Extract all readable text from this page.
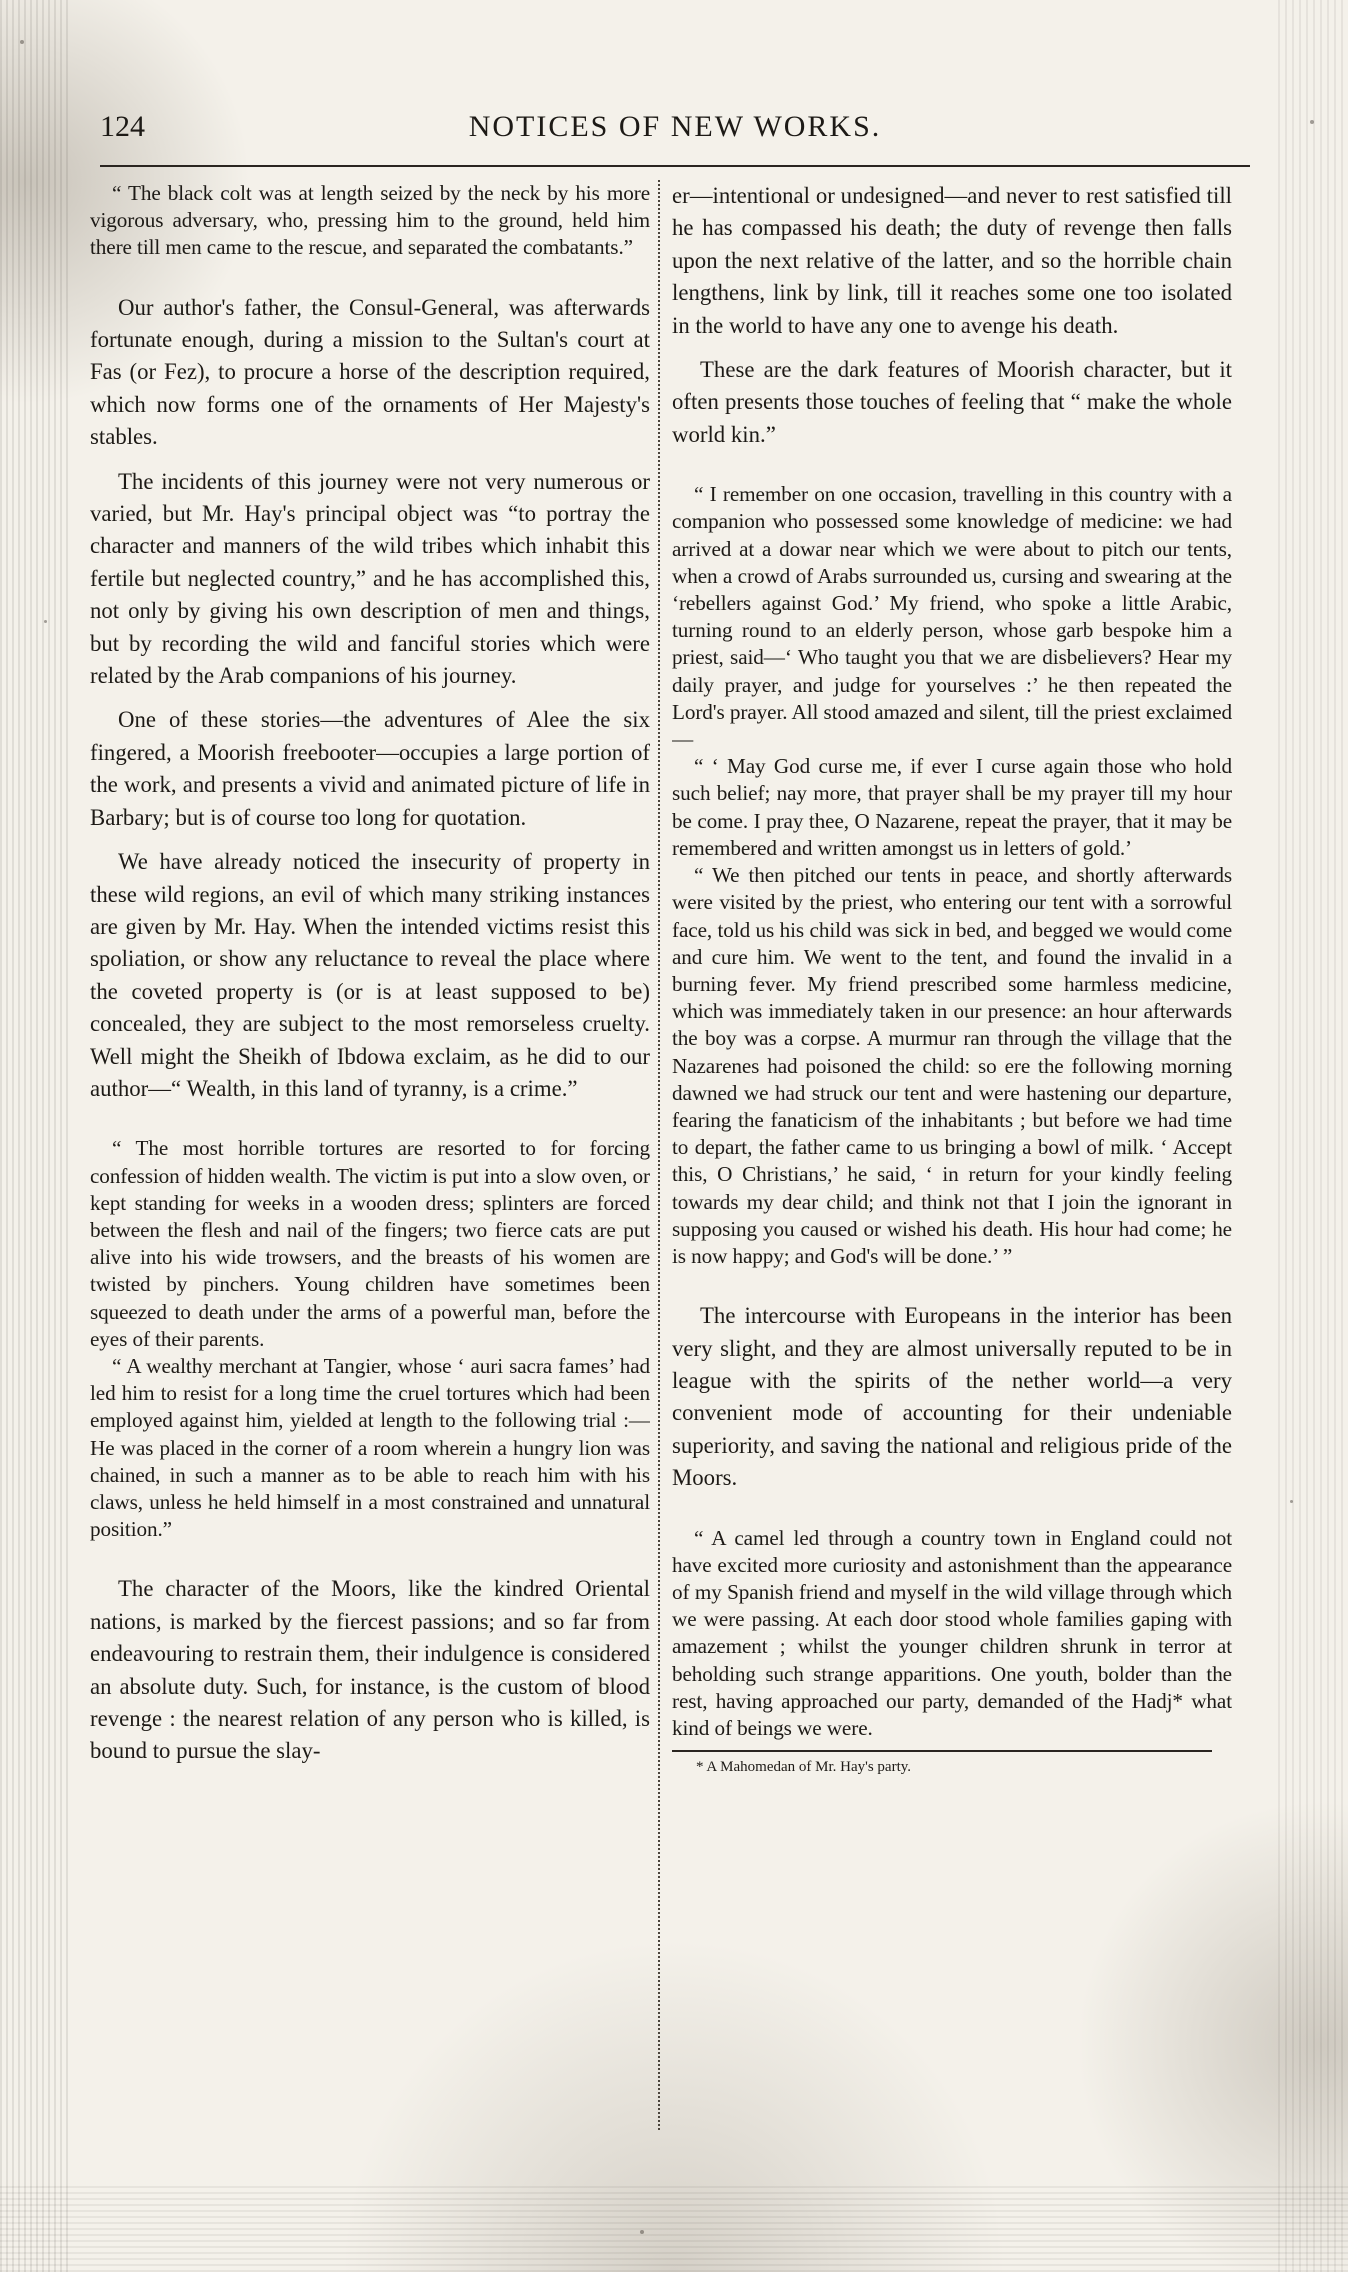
124	NOTICES OF NEW WORKS.

“ The black colt was at length seized by the neck by his more vigorous adversary, who, pressing him to the ground, held him there till men came to the rescue, and separated the combatants.”

Our author's father, the Consul-General, was afterwards fortunate enough, during a mission to the Sultan's court at Fas (or Fez), to procure a horse of the description required, which now forms one of the ornaments of Her Majesty's stables.

The incidents of this journey were not very numerous or varied, but Mr. Hay's principal object was “to portray the character and manners of the wild tribes which inhabit this fertile but neglected country,” and he has accomplished this, not only by giving his own description of men and things, but by recording the wild and fanciful stories which were related by the Arab companions of his journey.

One of these stories—the adventures of Alee the six fingered, a Moorish freebooter—occupies a large portion of the work, and presents a vivid and animated picture of life in Barbary; but is of course too long for quotation.

We have already noticed the insecurity of property in these wild regions, an evil of which many striking instances are given by Mr. Hay. When the intended victims resist this spoliation, or show any reluctance to reveal the place where the coveted property is (or is at least supposed to be) concealed, they are subject to the most remorseless cruelty. Well might the Sheikh of Ibdowa exclaim, as he did to our author—“ Wealth, in this land of tyranny, is a crime.”

“ The most horrible tortures are resorted to for forcing confession of hidden wealth. The victim is put into a slow oven, or kept standing for weeks in a wooden dress; splinters are forced between the flesh and nail of the fingers; two fierce cats are put alive into his wide trowsers, and the breasts of his women are twisted by pinchers. Young children have sometimes been squeezed to death under the arms of a powerful man, before the eyes of their parents.

“ A wealthy merchant at Tangier, whose ‘ auri sacra fames’ had led him to resist for a long time the cruel tortures which had been employed against him, yielded at length to the following trial :—He was placed in the corner of a room wherein a hungry lion was chained, in such a manner as to be able to reach him with his claws, unless he held himself in a most constrained and unnatural position.”

The character of the Moors, like the kindred Oriental nations, is marked by the fiercest passions; and so far from endeavouring to restrain them, their indulgence is considered an absolute duty. Such, for instance, is the custom of blood revenge : the nearest relation of any person who is killed, is bound to pursue the slay-

er—intentional or undesigned—and never to rest satisfied till he has compassed his death; the duty of revenge then falls upon the next relative of the latter, and so the horrible chain lengthens, link by link, till it reaches some one too isolated in the world to have any one to avenge his death.

These are the dark features of Moorish character, but it often presents those touches of feeling that “ make the whole world kin.”

“ I remember on one occasion, travelling in this country with a companion who possessed some knowledge of medicine: we had arrived at a dowar near which we were about to pitch our tents, when a crowd of Arabs surrounded us, cursing and swearing at the ‘rebellers against God.’ My friend, who spoke a little Arabic, turning round to an elderly person, whose garb bespoke him a priest, said—‘ Who taught you that we are disbelievers? Hear my daily prayer, and judge for yourselves :’ he then repeated the Lord's prayer. All stood amazed and silent, till the priest exclaimed—

“ ‘ May God curse me, if ever I curse again those who hold such belief; nay more, that prayer shall be my prayer till my hour be come. I pray thee, O Nazarene, repeat the prayer, that it may be remembered and written amongst us in letters of gold.’

“ We then pitched our tents in peace, and shortly afterwards were visited by the priest, who entering our tent with a sorrowful face, told us his child was sick in bed, and begged we would come and cure him. We went to the tent, and found the invalid in a burning fever. My friend prescribed some harmless medicine, which was immediately taken in our presence: an hour afterwards the boy was a corpse. A murmur ran through the village that the Nazarenes had poisoned the child: so ere the following morning dawned we had struck our tent and were hastening our departure, fearing the fanaticism of the inhabitants ; but before we had time to depart, the father came to us bringing a bowl of milk. ‘ Accept this, O Christians,’ he said, ‘ in return for your kindly feeling towards my dear child; and think not that I join the ignorant in supposing you caused or wished his death. His hour had come; he is now happy; and God's will be done.’ ”

The intercourse with Europeans in the interior has been very slight, and they are almost universally reputed to be in league with the spirits of the nether world—a very convenient mode of accounting for their undeniable superiority, and saving the national and religious pride of the Moors.

“ A camel led through a country town in England could not have excited more curiosity and astonishment than the appearance of my Spanish friend and myself in the wild village through which we were passing. At each door stood whole families gaping with amazement ; whilst the younger children shrunk in terror at beholding such strange apparitions. One youth, bolder than the rest, having approached our party, demanded of the Hadj* what kind of beings we were.

* A Mahomedan of Mr. Hay's party.
